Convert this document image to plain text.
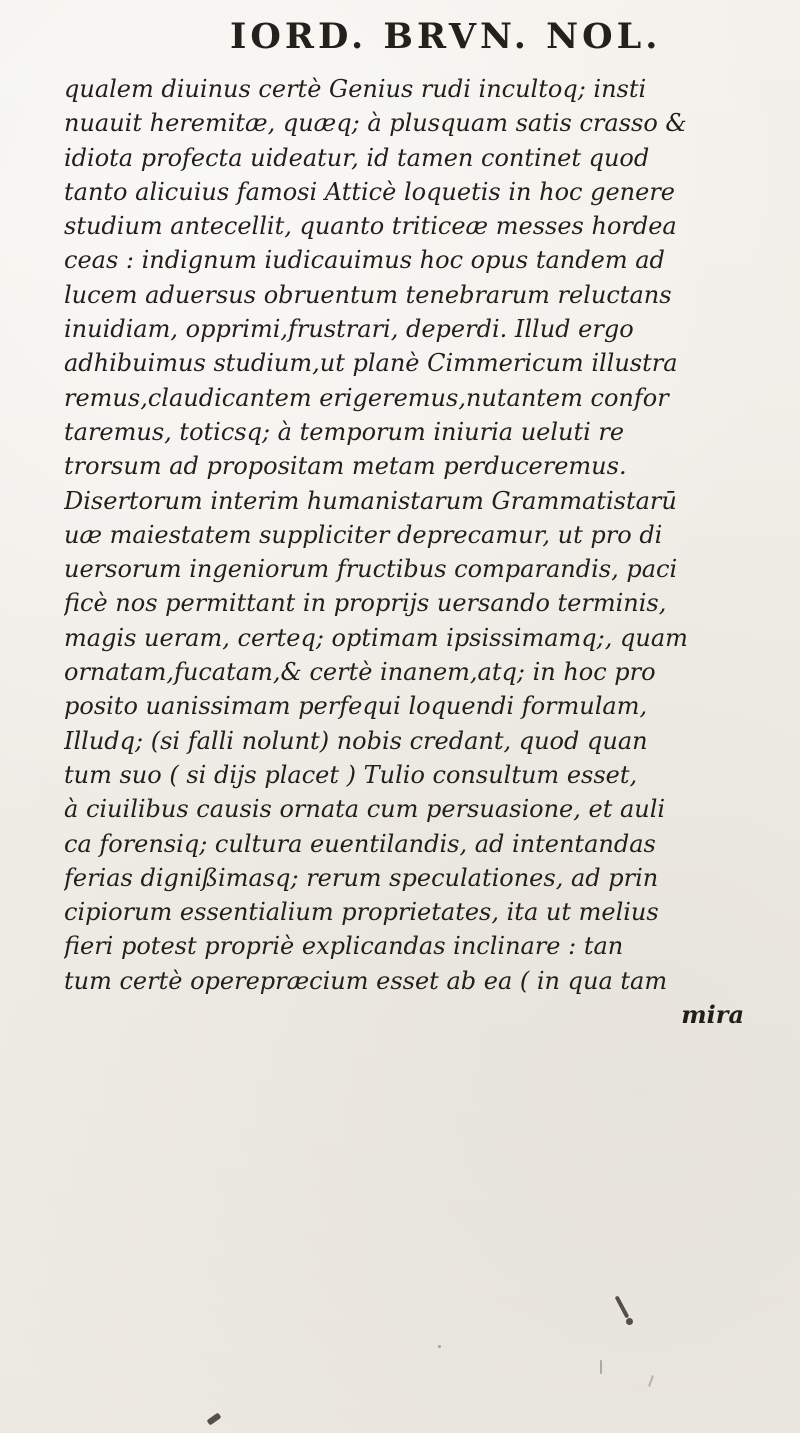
IORD. BRVN. NOL.
qualem diuinus certè Genius rudi incultoq; insti
nuauit heremitæ, quæq; à plusquam satis crasso &
idiota profecta uideatur, id tamen continet quod
tanto alicuius famosi Atticè loquetis in hoc genere
studium antecellit, quanto triticeæ messes hordea
ceas : indignum iudicauimus hoc opus tandem ad
lucem aduersus obruentum tenebrarum reluctans
inuidiam, opprimi,frustrari, deperdi. Illud ergo
adhibuimus studium,ut planè Cimmericum illustra
remus,claudicantem erigeremus,nutantem confor
taremus, toticsq; à temporum iniuria ueluti re
trorsum ad propositam metam perduceremus.
Disertorum interim humanistarum Grammatistarū
uæ maiestatem suppliciter deprecamur, ut pro di
uersorum ingeniorum fructibus comparandis, paci
ficè nos permittant in proprijs uersando terminis,
magis ueram, certeq; optimam ipsissimamq;, quam
ornatam,fucatam,& certè inanem,atq; in hoc pro
posito uanissimam perfequi loquendi formulam,
Illudq; (si falli nolunt) nobis credant, quod quan
tum suo ( si dijs placet ) Tulio consultum esset,
à ciuilibus causis ornata cum persuasione, et auli
ca forensiq; cultura euentilandis, ad intentandas
ferias dignißimasq; rerum speculationes, ad prin
cipiorum essentialium proprietates, ita ut melius
fieri potest propriè explicandas inclinare : tan
tum certè operepræcium esset ab ea ( in qua tam
mira
